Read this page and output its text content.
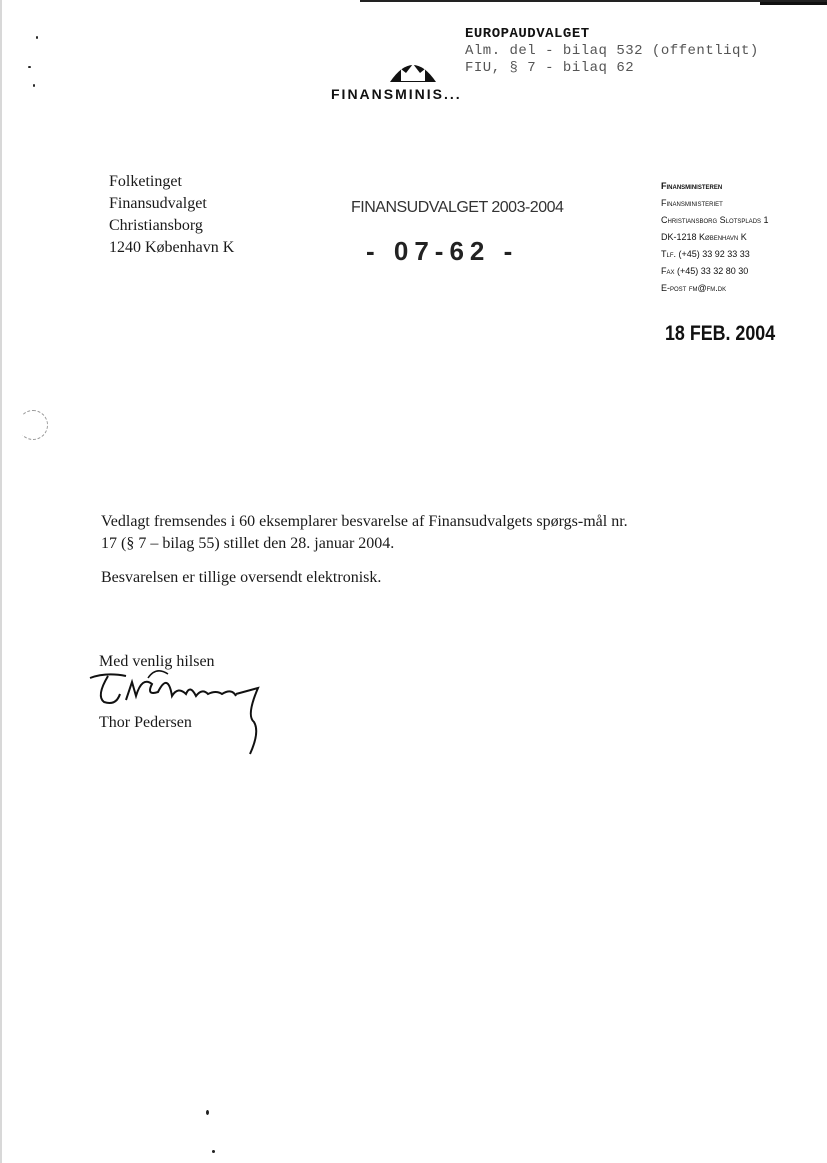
EUROPAUDVALGET
Alm. del - bilaq 532 (offentliqt)
FIU, § 7 - bilaq 62
FINANSMINIS...
Folketinget
Finansudvalget
Christiansborg
1240 København K
FINANSUDVALGET 2003-2004
- 07-62 -
Finansministeren
Finansministeriet
Christiansborg Slotsplads 1
DK-1218 København K
Tlf. (+45) 33 92 33 33
Fax (+45) 33 32 80 30
E-post fm@fm.dk
18 FEB. 2004
Vedlagt fremsendes i 60 eksemplarer besvarelse af Finansudvalgets spørgs-mål nr. 17 (§ 7 – bilag 55) stillet den 28. januar 2004.
Besvarelsen er tillige oversendt elektronisk.
Med venlig hilsen
Thor Pedersen
